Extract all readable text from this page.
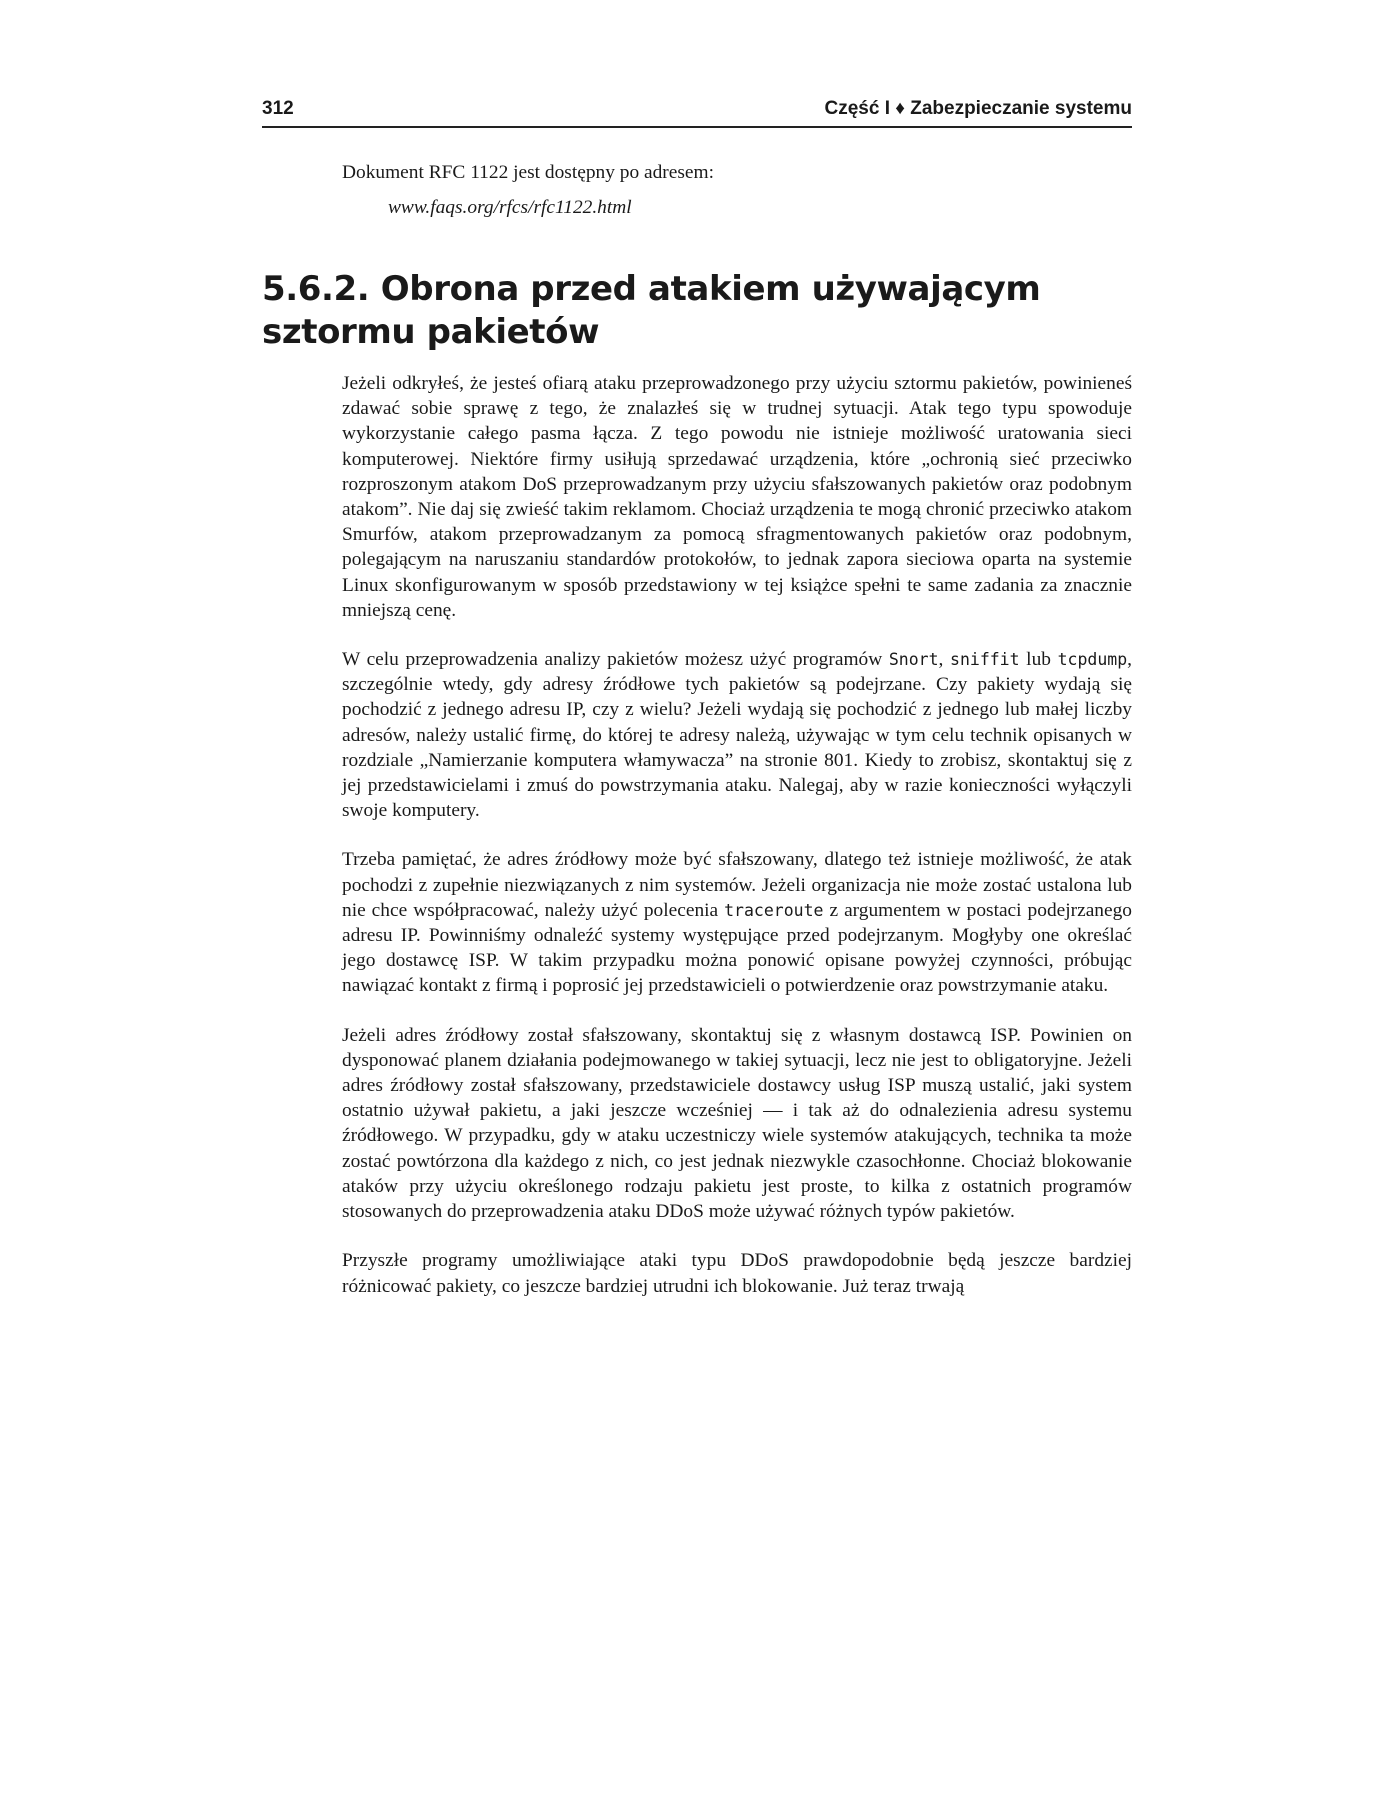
312	Część I ♦ Zabezpieczanie systemu

Dokument RFC 1122 jest dostępny po adresem:

www.faqs.org/rfcs/rfc1122.html

5.6.2. Obrona przed atakiem używającym
sztormu pakietów

Jeżeli odkryłeś, że jesteś ofiarą ataku przeprowadzonego przy użyciu sztormu pakietów, powinieneś zdawać sobie sprawę z tego, że znalazłeś się w trudnej sytuacji. Atak tego typu spowoduje wykorzystanie całego pasma łącza. Z tego powodu nie istnieje możliwość uratowania sieci komputerowej. Niektóre firmy usiłują sprzedawać urządzenia, które „ochronią sieć przeciwko rozproszonym atakom DoS przeprowadzanym przy użyciu sfałszowanych pakietów oraz podobnym atakom”. Nie daj się zwieść takim reklamom. Chociaż urządzenia te mogą chronić przeciwko atakom Smurfów, atakom przeprowadzanym za pomocą sfragmentowanych pakietów oraz podobnym, polegającym na naruszaniu standardów protokołów, to jednak zapora sieciowa oparta na systemie Linux skonfigurowanym w sposób przedstawiony w tej książce spełni te same zadania za znacznie mniejszą cenę.

W celu przeprowadzenia analizy pakietów możesz użyć programów Snort, sniffit lub tcpdump, szczególnie wtedy, gdy adresy źródłowe tych pakietów są podejrzane. Czy pakiety wydają się pochodzić z jednego adresu IP, czy z wielu? Jeżeli wydają się pochodzić z jednego lub małej liczby adresów, należy ustalić firmę, do której te adresy należą, używając w tym celu technik opisanych w rozdziale „Namierzanie komputera włamywacza” na stronie 801. Kiedy to zrobisz, skontaktuj się z jej przedstawicielami i zmuś do powstrzymania ataku. Nalegaj, aby w razie konieczności wyłączyli swoje komputery.

Trzeba pamiętać, że adres źródłowy może być sfałszowany, dlatego też istnieje możliwość, że atak pochodzi z zupełnie niezwiązanych z nim systemów. Jeżeli organizacja nie może zostać ustalona lub nie chce współpracować, należy użyć polecenia traceroute z argumentem w postaci podejrzanego adresu IP. Powinniśmy odnaleźć systemy występujące przed podejrzanym. Mogłyby one określać jego dostawcę ISP. W takim przypadku można ponowić opisane powyżej czynności, próbując nawiązać kontakt z firmą i poprosić jej przedstawicieli o potwierdzenie oraz powstrzymanie ataku.

Jeżeli adres źródłowy został sfałszowany, skontaktuj się z własnym dostawcą ISP. Powinien on dysponować planem działania podejmowanego w takiej sytuacji, lecz nie jest to obligatoryjne. Jeżeli adres źródłowy został sfałszowany, przedstawiciele dostawcy usług ISP muszą ustalić, jaki system ostatnio używał pakietu, a jaki jeszcze wcześniej — i tak aż do odnalezienia adresu systemu źródłowego. W przypadku, gdy w ataku uczestniczy wiele systemów atakujących, technika ta może zostać powtórzona dla każdego z nich, co jest jednak niezwykle czasochłonne. Chociaż blokowanie ataków przy użyciu określonego rodzaju pakietu jest proste, to kilka z ostatnich programów stosowanych do przeprowadzenia ataku DDoS może używać różnych typów pakietów.

Przyszłe programy umożliwiające ataki typu DDoS prawdopodobnie będą jeszcze bardziej różnicować pakiety, co jeszcze bardziej utrudni ich blokowanie. Już teraz trwają
